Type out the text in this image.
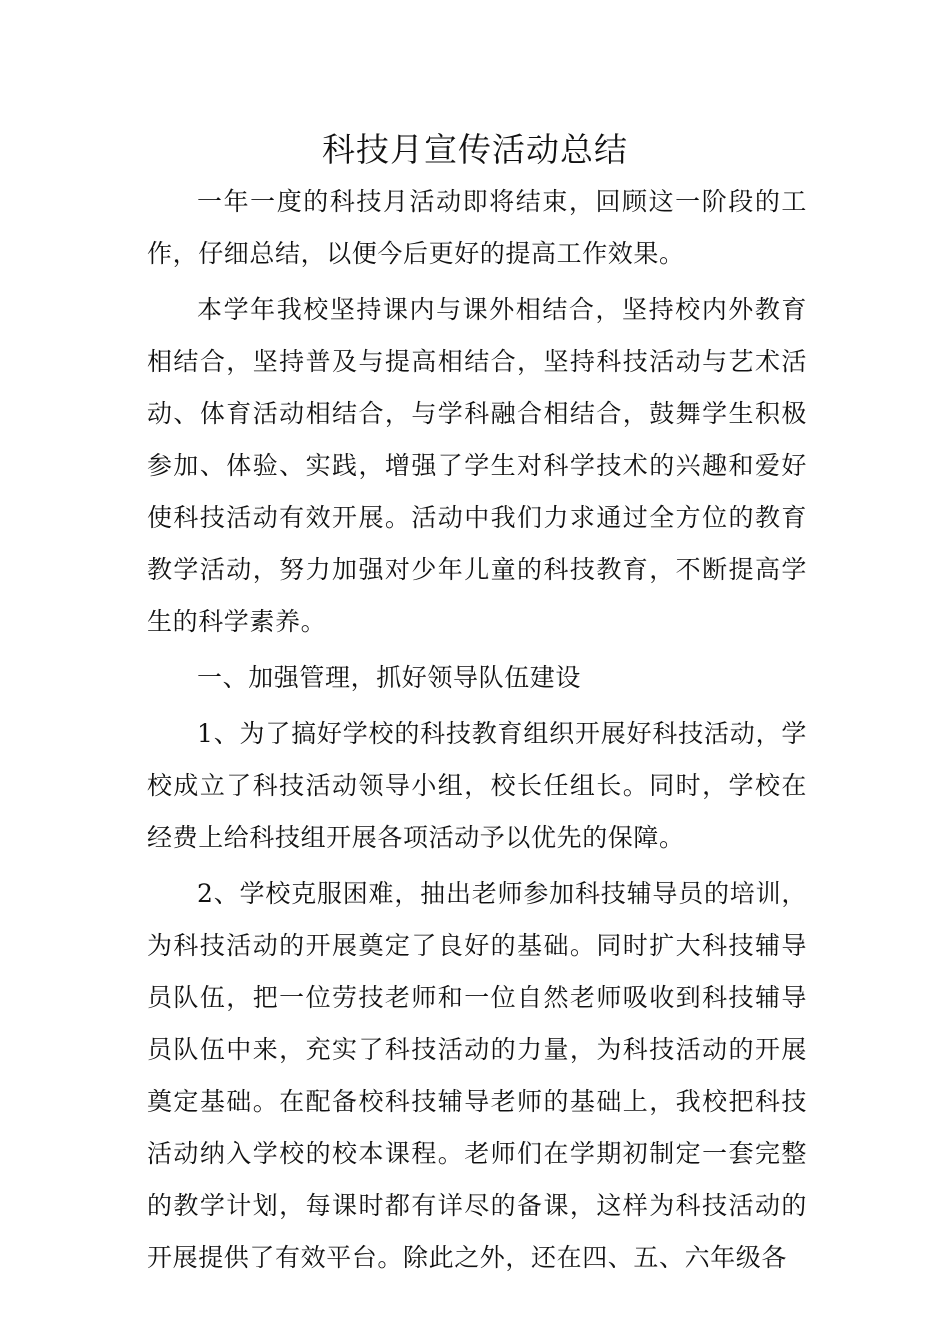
科技月宣传活动总结

一年一度的科技月活动即将结束，回顾这一阶段的工作，仔细总结，以便今后更好的提高工作效果。

本学年我校坚持课内与课外相结合，坚持校内外教育相结合，坚持普及与提高相结合，坚持科技活动与艺术活动、体育活动相结合，与学科融合相结合，鼓舞学生积极参加、体验、实践，增强了学生对科学技术的兴趣和爱好使科技活动有效开展。活动中我们力求通过全方位的教育教学活动，努力加强对少年儿童的科技教育，不断提高学生的科学素养。

一、加强管理，抓好领导队伍建设

1、为了搞好学校的科技教育组织开展好科技活动，学校成立了科技活动领导小组，校长任组长。同时，学校在经费上给科技组开展各项活动予以优先的保障。

2、学校克服困难，抽出老师参加科技辅导员的培训，为科技活动的开展奠定了良好的基础。同时扩大科技辅导员队伍，把一位劳技老师和一位自然老师吸收到科技辅导员队伍中来，充实了科技活动的力量，为科技活动的开展奠定基础。在配备校科技辅导老师的基础上，我校把科技活动纳入学校的校本课程。老师们在学期初制定一套完整的教学计划，每课时都有详尽的备课，这样为科技活动的开展提供了有效平台。除此之外，还在四、五、六年级各
